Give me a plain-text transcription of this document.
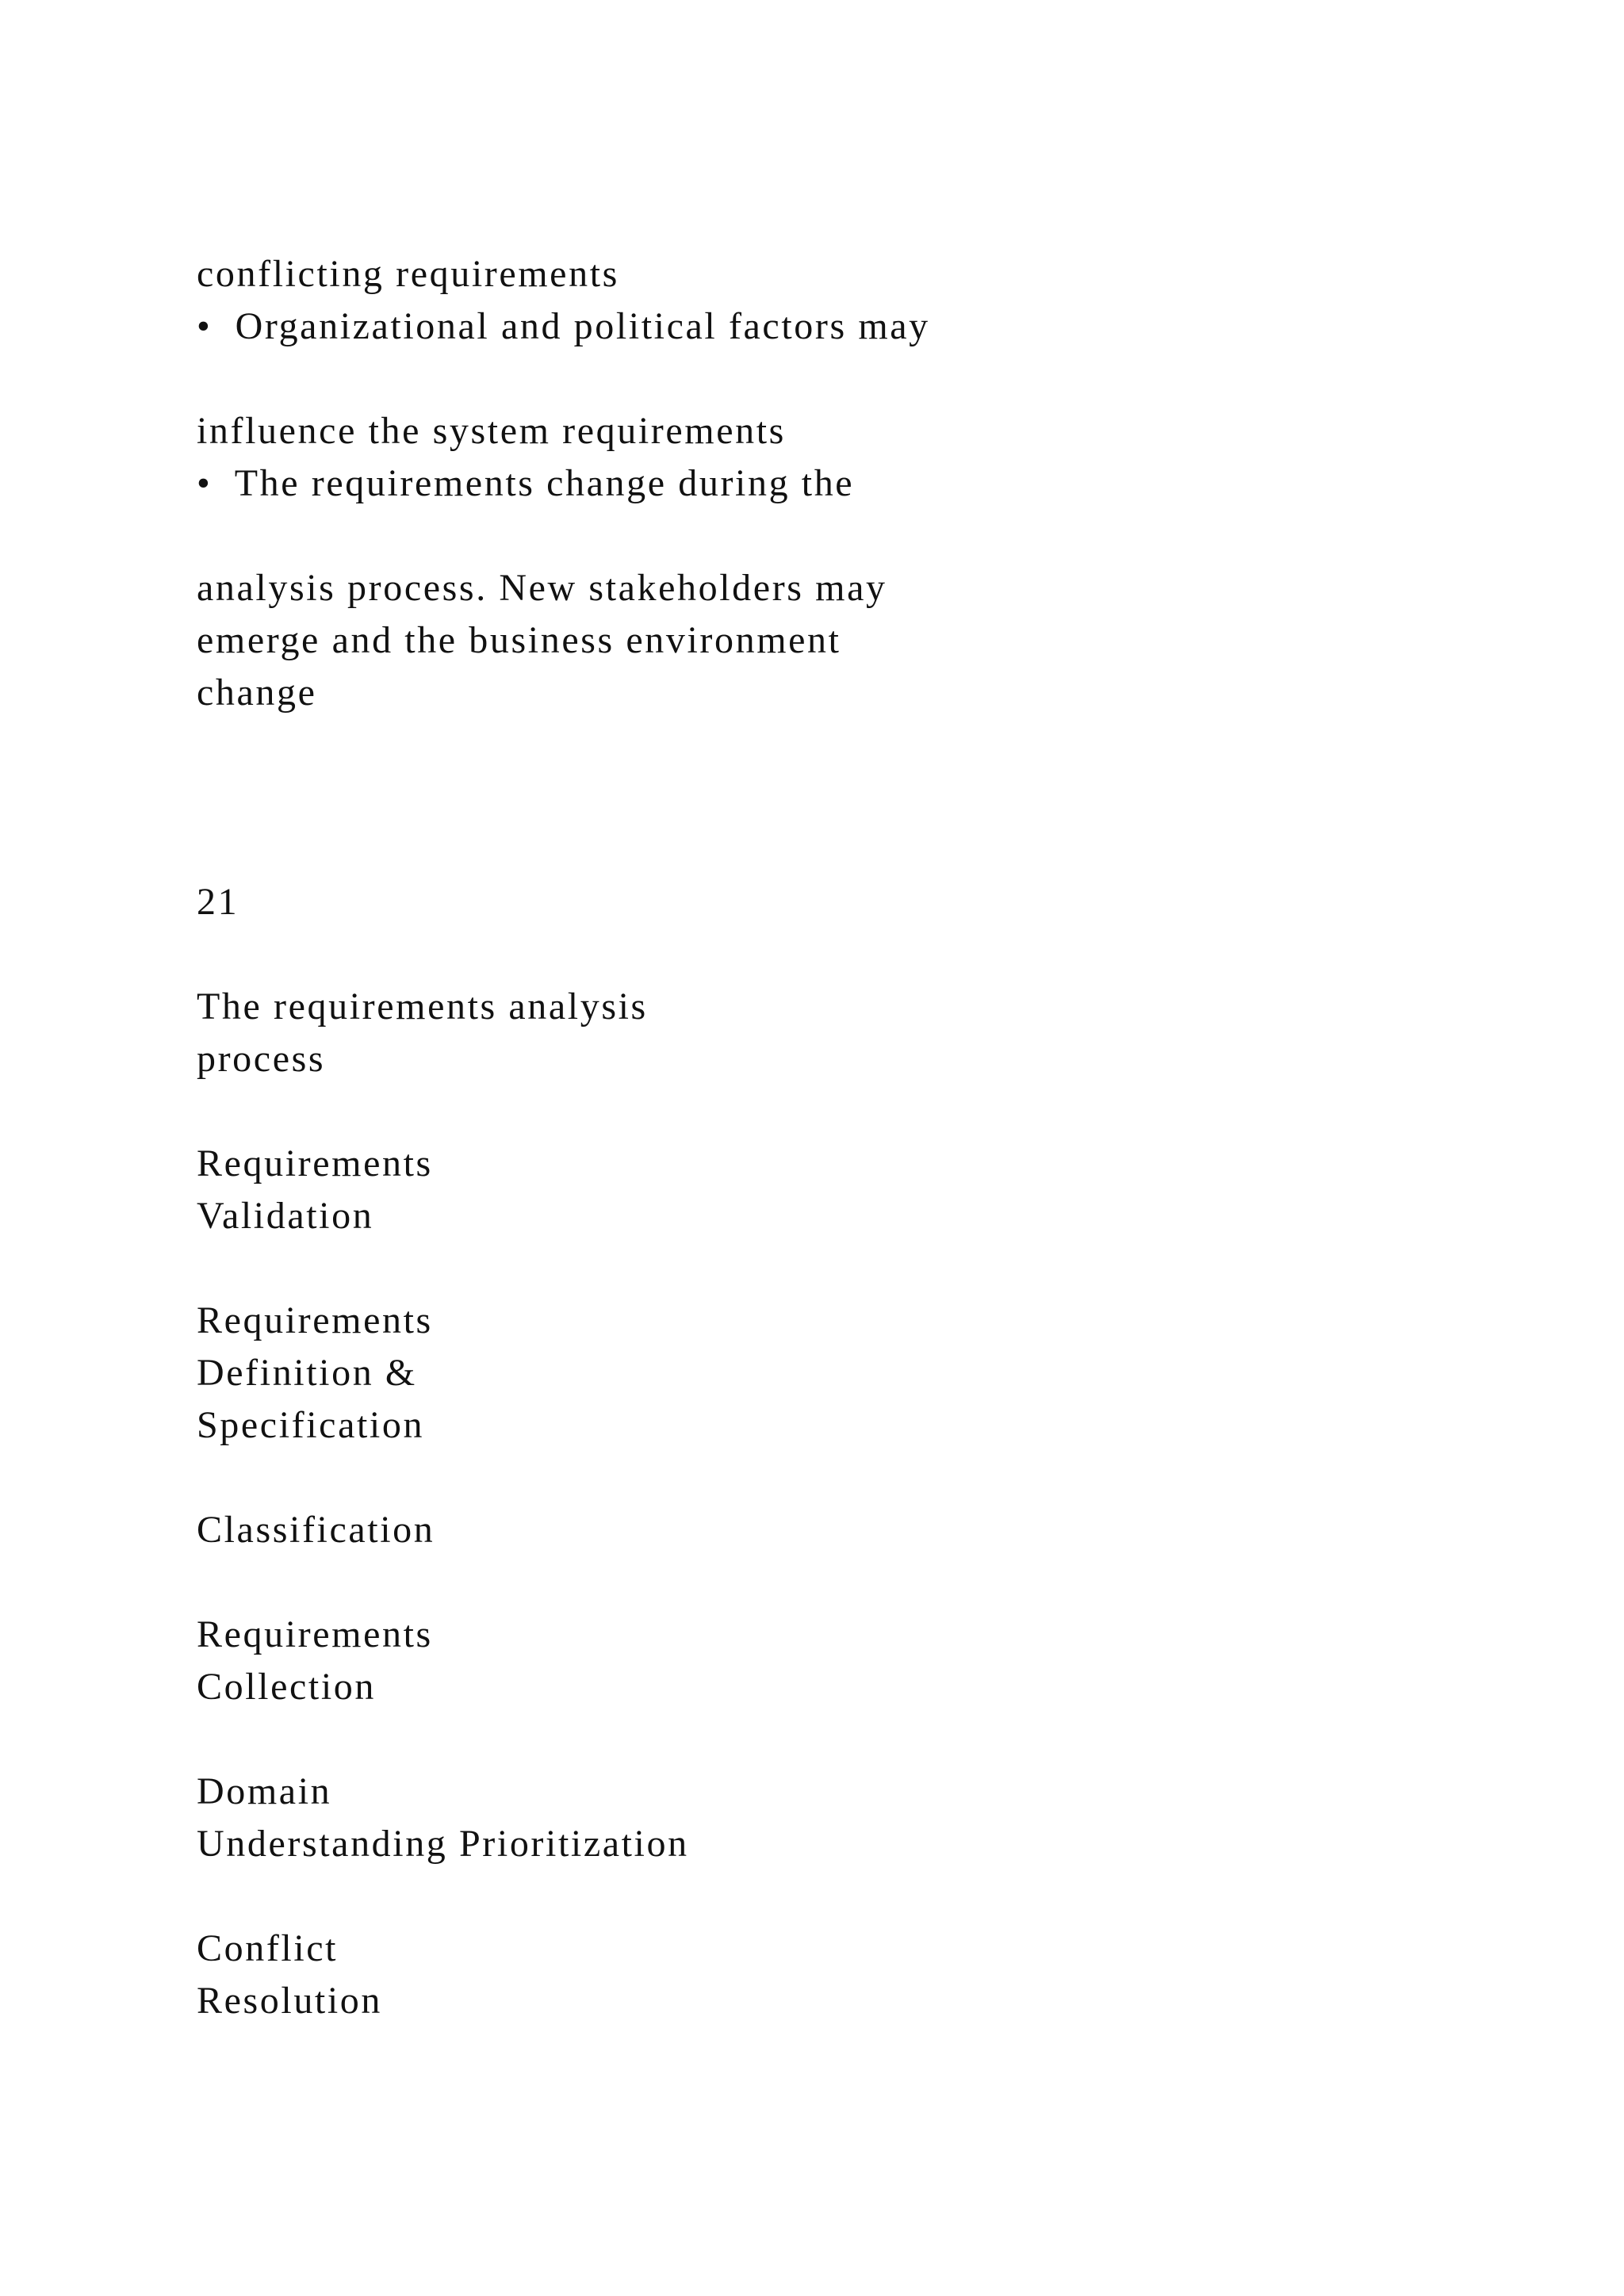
conflicting requirements

•  Organizational and political factors may

influence the system requirements

•  The requirements change during the

analysis process. New stakeholders may

emerge and the business environment

change

21

The requirements analysis

process

Requirements

Validation

Requirements

Definition &

Specification

Classification

Requirements

Collection

Domain

Understanding Prioritization

Conflict

Resolution
